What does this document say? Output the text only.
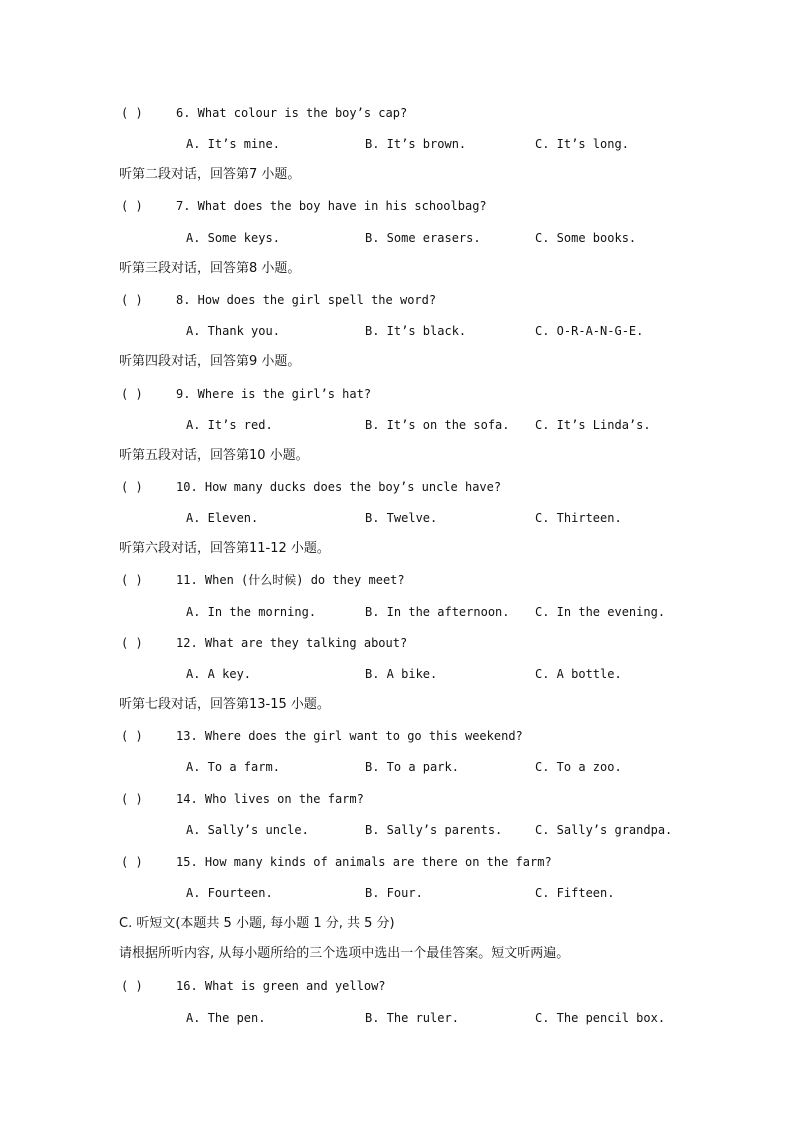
( )	6. What colour is the boy’s cap?
A. It’s mine.	B. It’s brown.	C. It’s long.
听第二段对话，回答第7 小题。
( )	7. What does the boy have in his schoolbag?
A. Some keys.	B. Some erasers.	C. Some books.
听第三段对话，回答第8 小题。
( )	8. How does the girl spell the word?
A. Thank you.	B. It’s black.	C. O-R-A-N-G-E.
听第四段对话，回答第9 小题。
( )	9. Where is the girl’s hat?
A. It’s red.	B. It’s on the sofa. C. It’s Linda’s.
听第五段对话，回答第10 小题。
( )	10. How many ducks does the boy’s uncle have?
A. Eleven.	B. Twelve.	C. Thirteen.
听第六段对话，回答第11-12 小题。
( )	11. When (什么时候) do they meet?
A. In the morning.	B. In the afternoon. C. In the evening.
( )	12. What are they talking about?
A. A key.	B. A bike.	C. A bottle.
听第七段对话，回答第13-15 小题。
( )	13. Where does the girl want to go this weekend?
A. To a farm.	B. To a park.	C. To a zoo.
( )	14. Who lives on the farm?
A. Sally’s uncle.	B. Sally’s parents.	C. Sally’s grandpa.
( )	15. How many kinds of animals are there on the farm?
A. Fourteen.	B. Four.	C. Fifteen.
C. 听短文(本题共 5 小题, 每小题 1 分, 共 5 分)
请根据所听内容, 从每小题所给的三个选项中选出一个最佳答案。短文听两遍。
( )	16. What is green and yellow?
A. The pen.	B. The ruler.	C. The pencil box.
